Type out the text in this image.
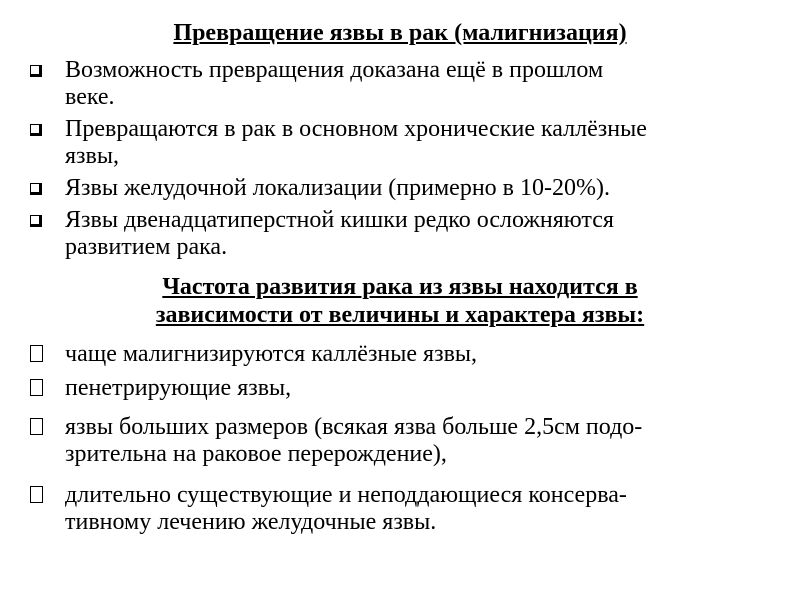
Превращение язвы в рак (малигнизация)
Возможность превращения доказана ещё в прошлом
веке.
Превращаются в рак в основном хронические каллёзные
язвы,
Язвы желудочной локализации (примерно в 10-20%).
Язвы двенадцатиперстной кишки редко осложняются
развитием рака.
Частота развития рака из язвы находится в
зависимости от величины и характера язвы:
чаще малигнизируются каллёзные язвы,
пенетрирующие язвы,
язвы больших размеров (всякая язва больше 2,5см подо-
зрительна на раковое перерождение),
длительно существующие и неподдающиеся консерва-
тивному лечению желудочные язвы.
